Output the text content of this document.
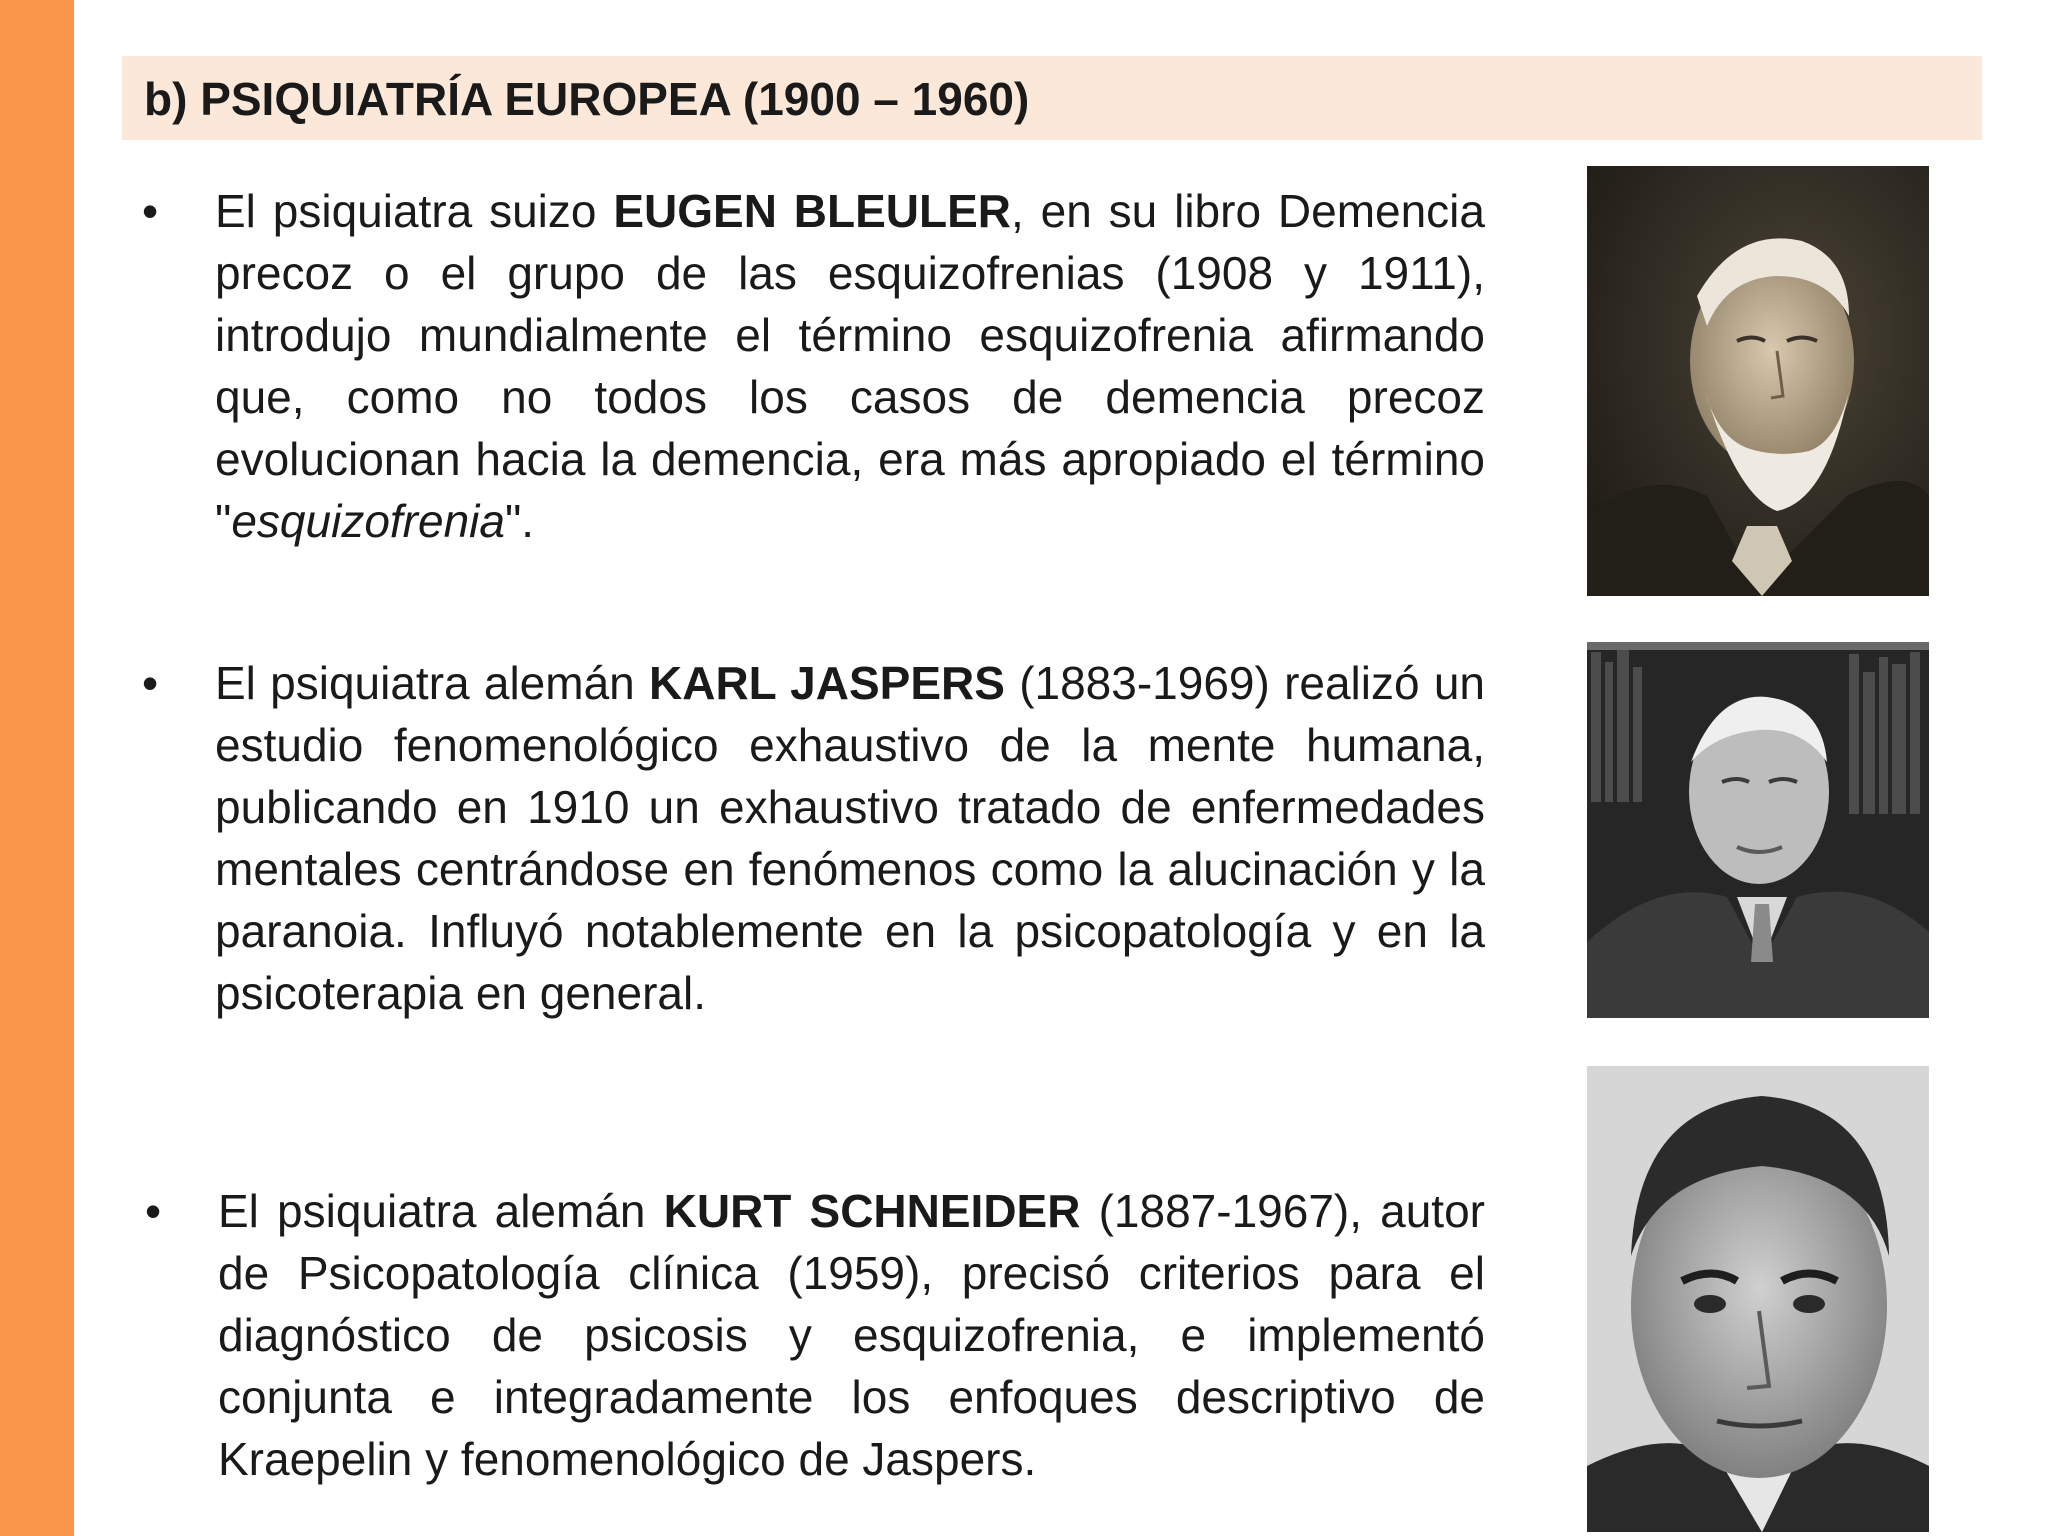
b) PSIQUIATRÍA EUROPEA (1900 – 1960)
• El psiquiatra suizo EUGEN BLEULER, en su libro Demencia precoz o el grupo de las esquizofrenias (1908 y 1911), introdujo mundialmente el término esquizofrenia afirmando que, como no todos los casos de demencia precoz evolucionan hacia la demencia, era más apropiado el término "esquizofrenia".
• El psiquiatra alemán KARL JASPERS (1883-1969) realizó un estudio fenomenológico exhaustivo de la mente humana, publicando en 1910 un exhaustivo tratado de enfermedades mentales centrándose en fenómenos como la alucinación y la paranoia. Influyó notablemente en la psicopatología y en la psicoterapia en general.
• El psiquiatra alemán KURT SCHNEIDER (1887-1967), autor de Psicopatología clínica (1959), precisó criterios para el diagnóstico de psicosis y esquizofrenia, e implementó conjunta e integradamente los enfoques descriptivo de Kraepelin y fenomenológico de Jaspers.
